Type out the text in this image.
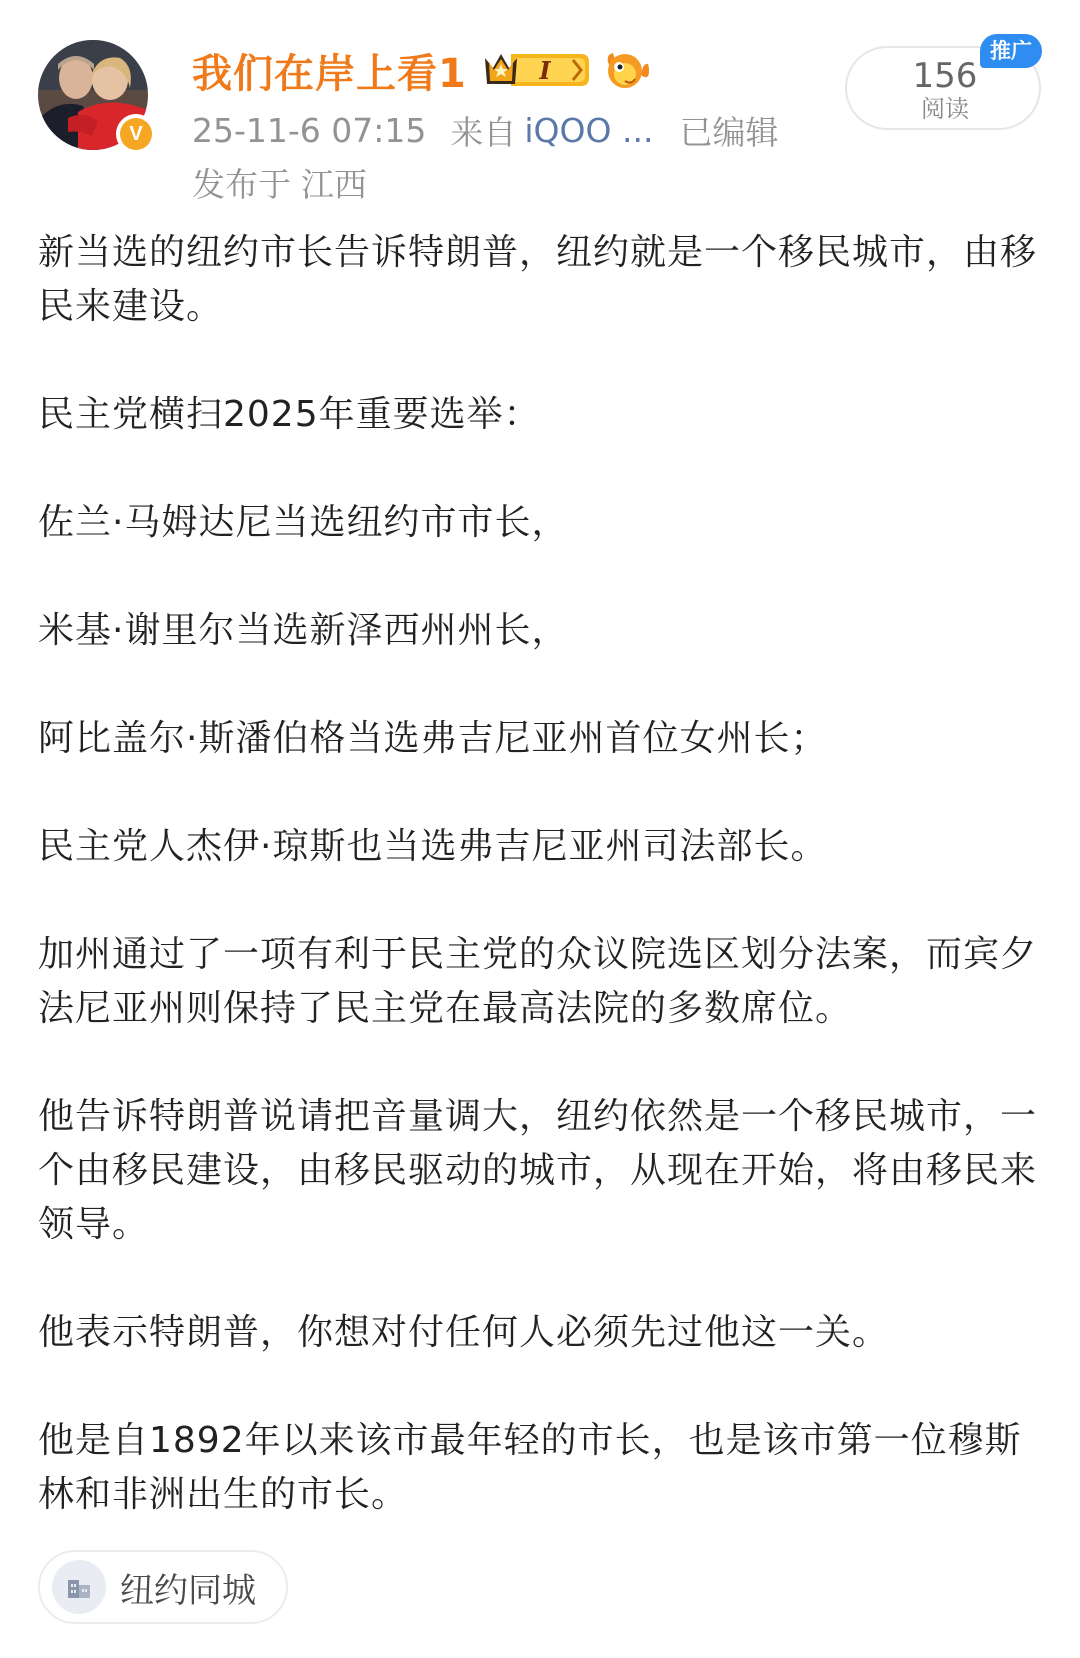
V
我们在岸上看1	I
25-11-6 07:15 来自 iQOO ... 已编辑
发布于 江西
156
阅读
推广

新当选的纽约市长告诉特朗普，纽约就是一个移民城市，由移民来建设。

民主党横扫2025年重要选举：

佐兰·马姆达尼当选纽约市市长，

米基·谢里尔当选新泽西州州长，

阿比盖尔·斯潘伯格当选弗吉尼亚州首位女州长；

民主党人杰伊·琼斯也当选弗吉尼亚州司法部长。

加州通过了一项有利于民主党的众议院选区划分法案，而宾夕法尼亚州则保持了民主党在最高法院的多数席位。

他告诉特朗普说请把音量调大，纽约依然是一个移民城市，一个由移民建设，由移民驱动的城市，从现在开始，将由移民来领导。

他表示特朗普，你想对付任何人必须先过他这一关。

他是自1892年以来该市最年轻的市长，也是该市第一位穆斯林和非洲出生的市长。

纽约同城
